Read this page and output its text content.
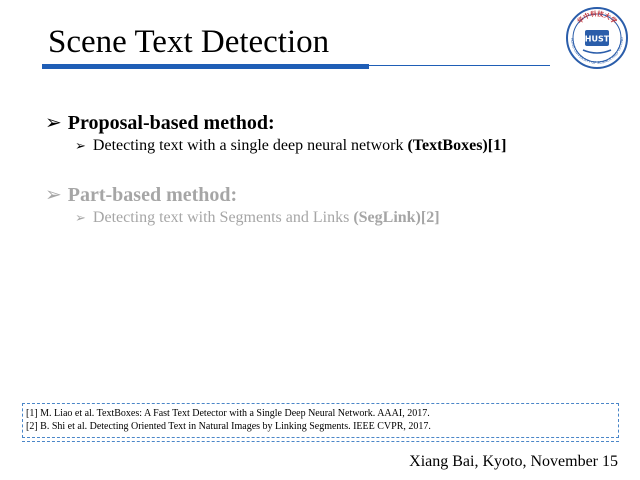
Scene Text Detection
华中科技大学
HONG UNIVERSITY OF SCIENCE AND TECHNO
HUST
➢ Proposal-based method:
➢ Detecting text with a single deep neural network (TextBoxes)[1]
➢ Part-based method:
➢ Detecting text with Segments and Links (SegLink)[2]
[1] M. Liao et al. TextBoxes: A Fast Text Detector with a Single Deep Neural Network. AAAI, 2017.
[2] B. Shi et al. Detecting Oriented Text in Natural Images by Linking Segments. IEEE CVPR, 2017.
Xiang Bai, Kyoto, November 15
